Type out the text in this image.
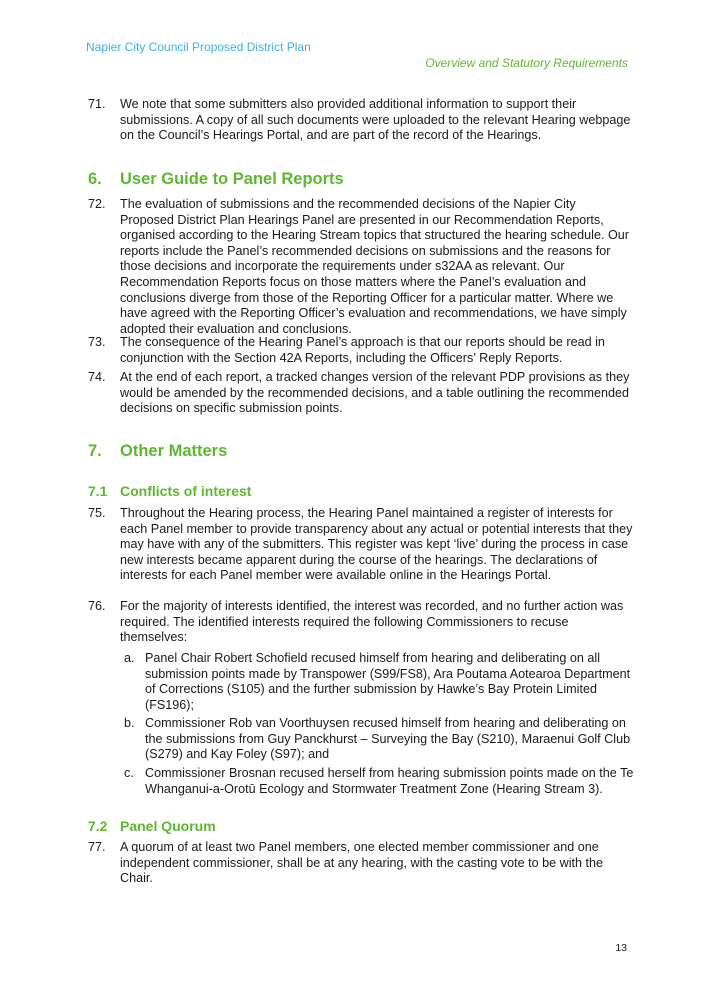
Napier City Council Proposed District Plan
Overview and Statutory Requirements
71. We note that some submitters also provided additional information to support their submissions. A copy of all such documents were uploaded to the relevant Hearing webpage on the Council’s Hearings Portal, and are part of the record of the Hearings.
6. User Guide to Panel Reports
72. The evaluation of submissions and the recommended decisions of the Napier City Proposed District Plan Hearings Panel are presented in our Recommendation Reports, organised according to the Hearing Stream topics that structured the hearing schedule. Our reports include the Panel’s recommended decisions on submissions and the reasons for those decisions and incorporate the requirements under s32AA as relevant. Our Recommendation Reports focus on those matters where the Panel’s evaluation and conclusions diverge from those of the Reporting Officer for a particular matter. Where we have agreed with the Reporting Officer’s evaluation and recommendations, we have simply adopted their evaluation and conclusions.
73. The consequence of the Hearing Panel’s approach is that our reports should be read in conjunction with the Section 42A Reports, including the Officers’ Reply Reports.
74. At the end of each report, a tracked changes version of the relevant PDP provisions as they would be amended by the recommended decisions, and a table outlining the recommended decisions on specific submission points.
7. Other Matters
7.1 Conflicts of interest
75. Throughout the Hearing process, the Hearing Panel maintained a register of interests for each Panel member to provide transparency about any actual or potential interests that they may have with any of the submitters. This register was kept ‘live’ during the process in case new interests became apparent during the course of the hearings. The declarations of interests for each Panel member were available online in the Hearings Portal.
76. For the majority of interests identified, the interest was recorded, and no further action was required. The identified interests required the following Commissioners to recuse themselves:
a. Panel Chair Robert Schofield recused himself from hearing and deliberating on all submission points made by Transpower (S99/FS8), Ara Poutama Aotearoa Department of Corrections (S105) and the further submission by Hawke’s Bay Protein Limited (FS196);
b. Commissioner Rob van Voorthuysen recused himself from hearing and deliberating on the submissions from Guy Panckhurst – Surveying the Bay (S210), Maraenui Golf Club (S279) and Kay Foley (S97); and
c. Commissioner Brosnan recused herself from hearing submission points made on the Te Whanganui-a-Orotū Ecology and Stormwater Treatment Zone (Hearing Stream 3).
7.2 Panel Quorum
77. A quorum of at least two Panel members, one elected member commissioner and one independent commissioner, shall be at any hearing, with the casting vote to be with the Chair.
13
